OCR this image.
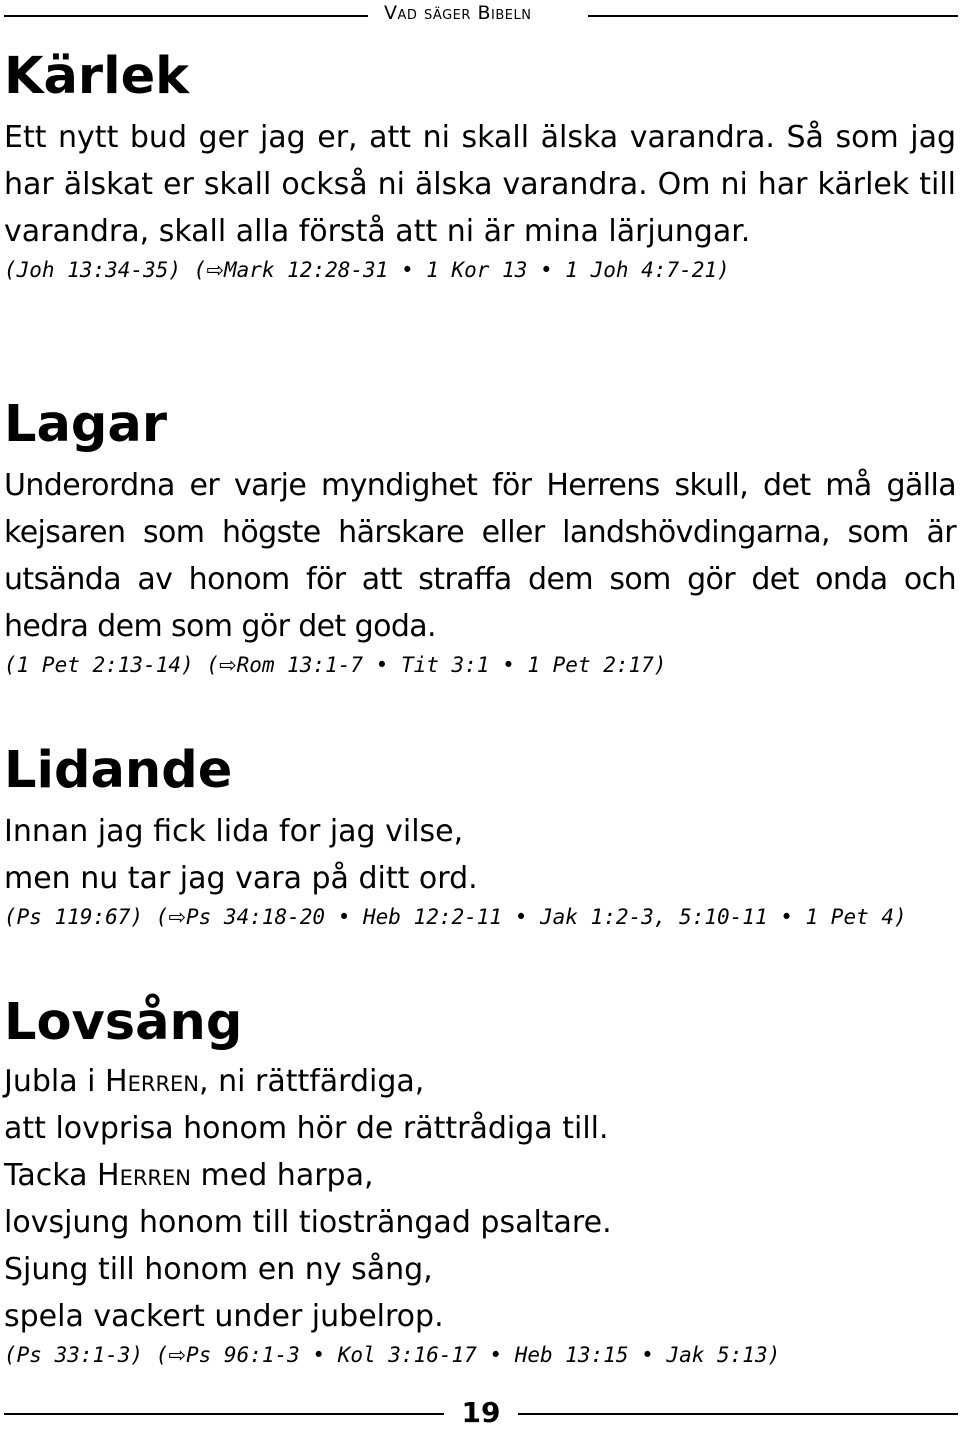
Vad säger Bibeln
Kärlek

Ett nytt bud ger jag er, att ni skall älska varandra. Så som jag har älskat er skall också ni älska varandra. Om ni har kärlek till varandra, skall alla förstå att ni är mina lärjungar.

(Joh 13:34-35) (⇨Mark 12:28-31 • 1 Kor 13 • 1 Joh 4:7-21)

Lagar

Underordna er varje myndighet för Herrens skull, det må gälla kejsaren som högste härskare eller landshövdingarna, som är utsända av honom för att straffa dem som gör det onda och hedra dem som gör det goda.

(1 Pet 2:13-14) (⇨Rom 13:1-7 • Tit 3:1 • 1 Pet 2:17)

Lidande

Innan jag fick lida for jag vilse,
men nu tar jag vara på ditt ord.

(Ps 119:67) (⇨Ps 34:18-20 • Heb 12:2-11 • Jak 1:2-3, 5:10-11 • 1 Pet 4)

Lovsång

Jubla i Herren, ni rättfärdiga,
att lovprisa honom hör de rättrådiga till.
Tacka Herren med harpa,
lovsjung honom till tiosträngad psaltare.
Sjung till honom en ny sång,
spela vackert under jubelrop.

(Ps 33:1-3) (⇨Ps 96:1-3 • Kol 3:16-17 • Heb 13:15 • Jak 5:13)

19
